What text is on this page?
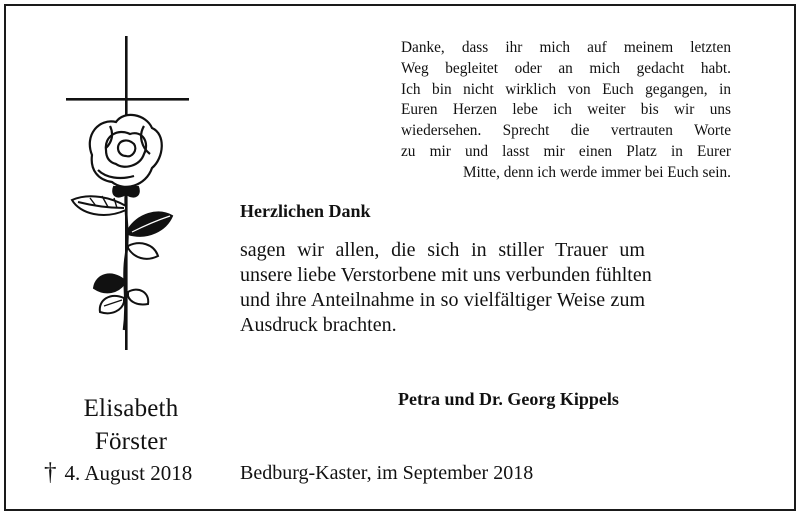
Elisabeth
Förster
† 4. August 2018
Danke, dass ihr mich auf meinem letzten
Weg begleitet oder an mich gedacht habt.
Ich bin nicht wirklich von Euch gegangen, in
Euren Herzen lebe ich weiter bis wir uns
wiedersehen. Sprecht die vertrauten Worte
zu mir und lasst mir einen Platz in Eurer
Mitte, denn ich werde immer bei Euch sein.
Herzlichen Dank
sagen wir allen, die sich in stiller Trauer um
unsere liebe Verstorbene mit uns verbunden fühlten
und ihre Anteilnahme in so vielfältiger Weise zum
Ausdruck brachten.
Petra und Dr. Georg Kippels
Bedburg-Kaster, im September 2018
